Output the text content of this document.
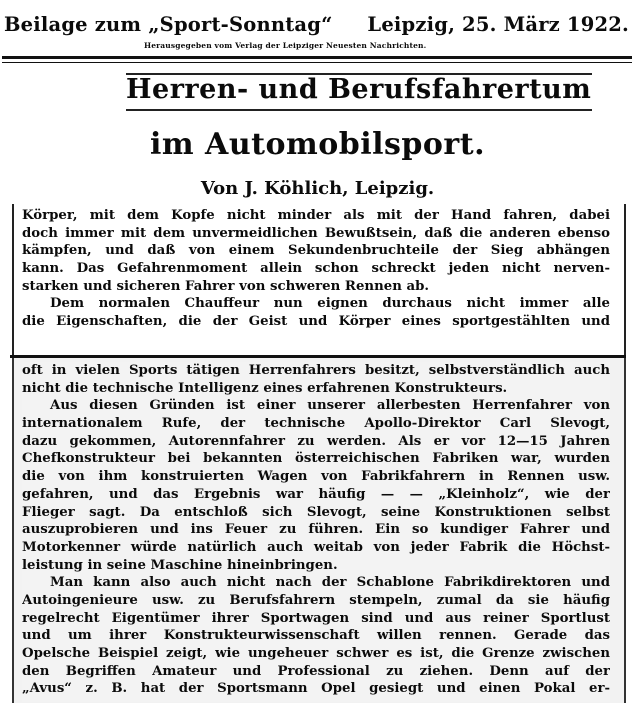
Beilage zum „Sport-Sonntag“ Leipzig, 25. März 1922.
Herausgegeben vom Verlag der Leipziger Neuesten Nachrichten.
Herren- und Berufsfahrertum
im Automobilsport.
Von J. Köhlich, Leipzig.
Körper, mit dem Kopfe nicht minder als mit der Hand fahren, dabei
doch immer mit dem unvermeidlichen Bewußtsein, daß die anderen ebenso
kämpfen, und daß von einem Sekundenbruchteile der Sieg abhängen
kann. Das Gefahrenmoment allein schon schreckt jeden nicht nerven-
starken und sicheren Fahrer von schweren Rennen ab.
Dem normalen Chauffeur nun eignen durchaus nicht immer alle
die Eigenschaften, die der Geist und Körper eines sportgestählten und
oft in vielen Sports tätigen Herrenfahrers besitzt, selbstverständlich auch
nicht die technische Intelligenz eines erfahrenen Konstrukteurs.
Aus diesen Gründen ist einer unserer allerbesten Herrenfahrer von
internationalem Rufe, der technische Apollo-Direktor Carl Slevogt,
dazu gekommen, Autorennfahrer zu werden. Als er vor 12—15 Jahren
Chefkonstrukteur bei bekannten österreichischen Fabriken war, wurden
die von ihm konstruierten Wagen von Fabrikfahrern in Rennen usw.
gefahren, und das Ergebnis war häufig — — „Kleinholz“, wie der
Flieger sagt. Da entschloß sich Slevogt, seine Konstruktionen selbst
auszuprobieren und ins Feuer zu führen. Ein so kundiger Fahrer und
Motorkenner würde natürlich auch weitab von jeder Fabrik die Höchst-
leistung in seine Maschine hineinbringen.
Man kann also auch nicht nach der Schablone Fabrikdirektoren und
Autoingenieure usw. zu Berufsfahrern stempeln, zumal da sie häufig
regelrecht Eigentümer ihrer Sportwagen sind und aus reiner Sportlust
und um ihrer Konstrukteurwissenschaft willen rennen. Gerade das
Opelsche Beispiel zeigt, wie ungeheuer schwer es ist, die Grenze zwischen
den Begriffen Amateur und Professional zu ziehen. Denn auf der
„Avus“ z. B. hat der Sportsmann Opel gesiegt und einen Pokal er-
